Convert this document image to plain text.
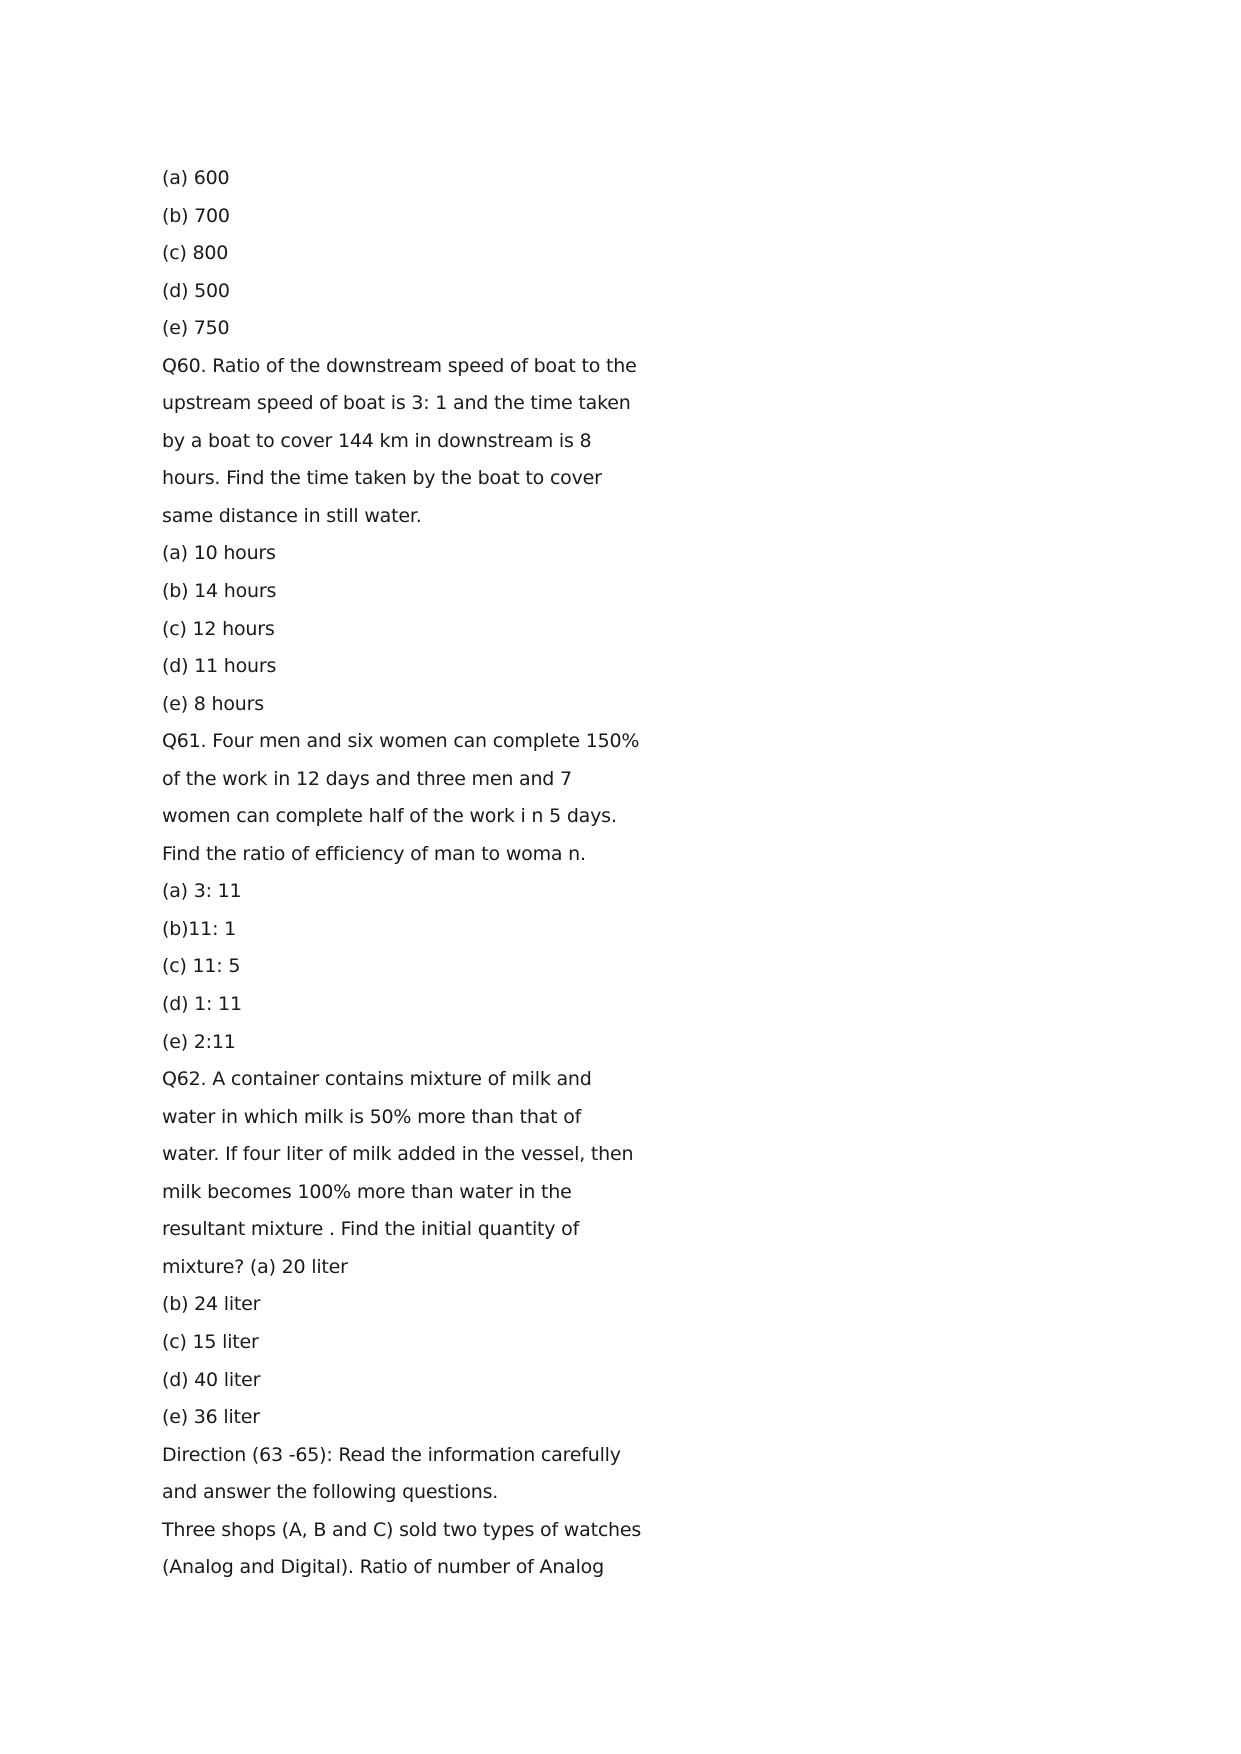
(a) 600
(b) 700
(c) 800
(d) 500
(e) 750
Q60. Ratio of the downstream speed of boat to the
upstream speed of boat is 3: 1 and the time taken
by a boat to cover 144 km in downstream is 8
hours. Find the time taken by the boat to cover
same distance in still water.
(a) 10 hours
(b) 14 hours
(c) 12 hours
(d) 11 hours
(e) 8 hours
Q61. Four men and six women can complete 150%
of the work in 12 days and three men and 7
women can complete half of the work i n 5 days.
Find the ratio of efficiency of man to woma n.
(a) 3: 11
(b)11: 1
(c) 11: 5
(d) 1: 11
(e) 2:11
Q62. A container contains mixture of milk and
water in which milk is 50% more than that of
water. If four liter of milk added in the vessel, then
milk becomes 100% more than water in the
resultant mixture . Find the initial quantity of
mixture? (a) 20 liter
(b) 24 liter
(c) 15 liter
(d) 40 liter
(e) 36 liter
Direction (63 -65): Read the information carefully
and answer the following questions.
Three shops (A, B and C) sold two types of watches
(Analog and Digital). Ratio of number of Analog
